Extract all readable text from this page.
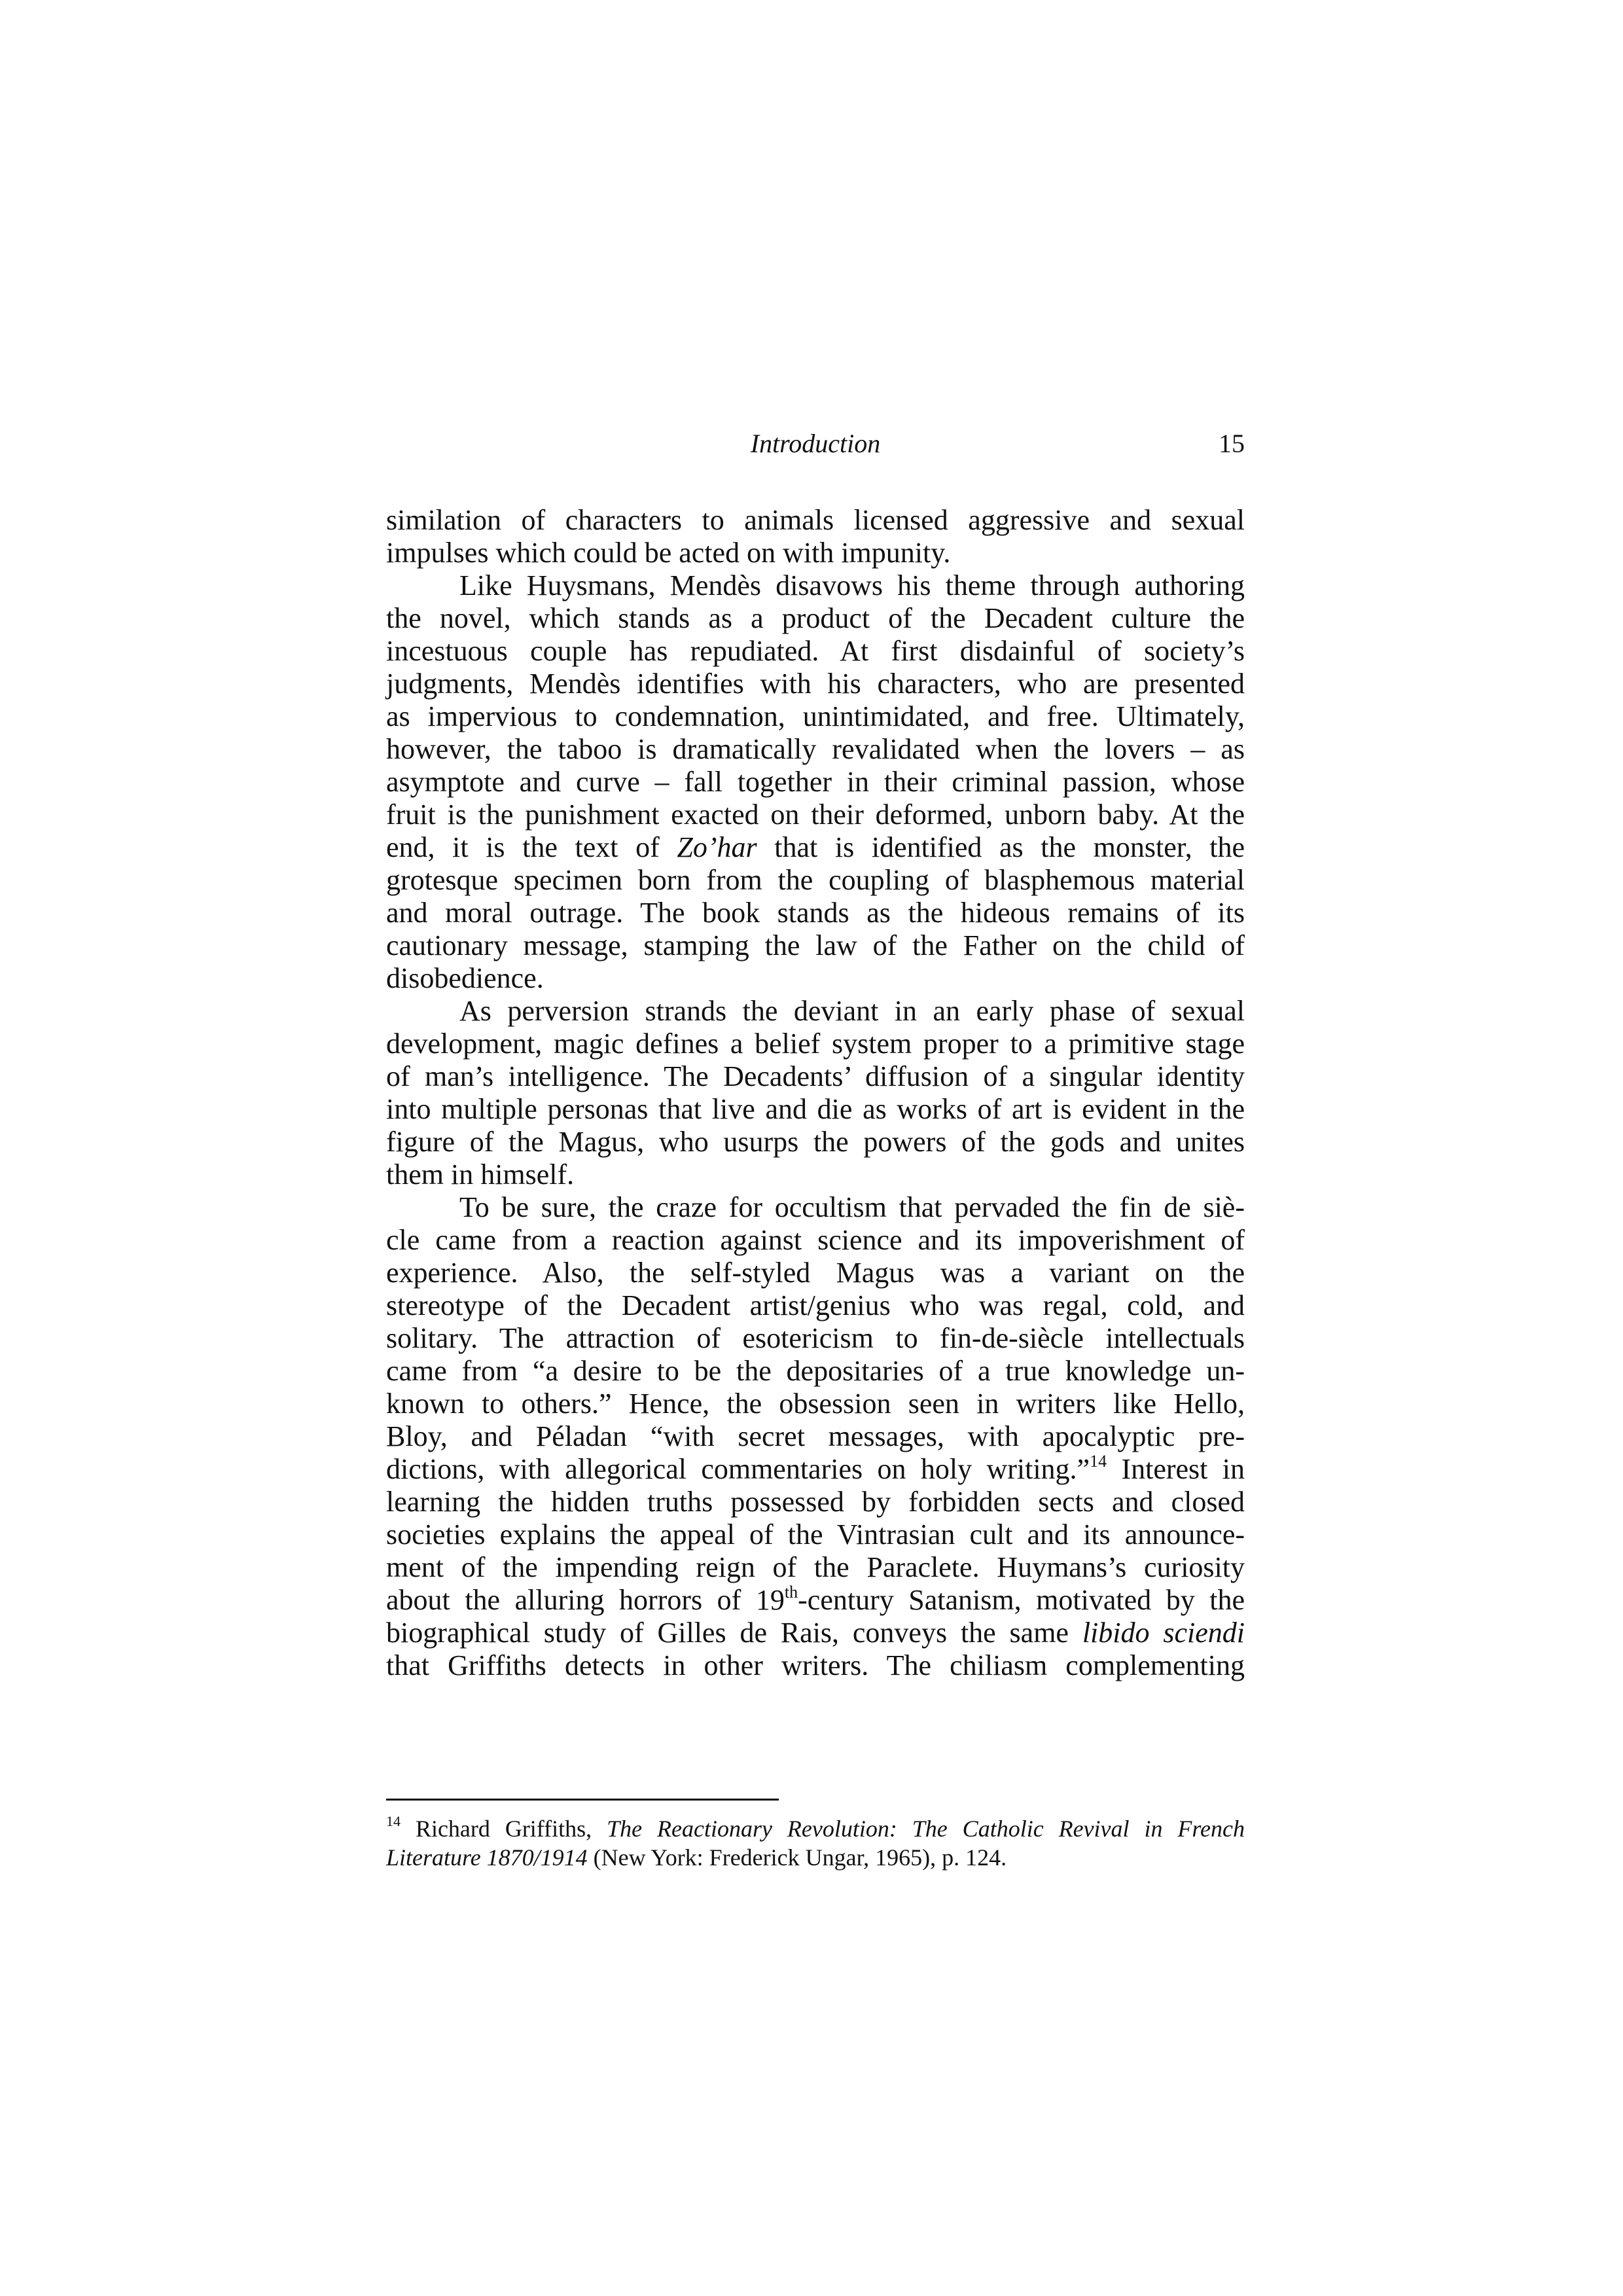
Introduction	15
similation of characters to animals licensed aggressive and sexual
impulses which could be acted on with impunity.
Like Huysmans, Mendès disavows his theme through authoring
the novel, which stands as a product of the Decadent culture the
incestuous couple has repudiated. At first disdainful of society’s
judgments, Mendès identifies with his characters, who are presented
as impervious to condemnation, unintimidated, and free. Ultimately,
however, the taboo is dramatically revalidated when the lovers – as
asymptote and curve – fall together in their criminal passion, whose
fruit is the punishment exacted on their deformed, unborn baby. At the
end, it is the text of Zo’har that is identified as the monster, the
grotesque specimen born from the coupling of blasphemous material
and moral outrage. The book stands as the hideous remains of its
cautionary message, stamping the law of the Father on the child of
disobedience.
As perversion strands the deviant in an early phase of sexual
development, magic defines a belief system proper to a primitive stage
of man’s intelligence. The Decadents’ diffusion of a singular identity
into multiple personas that live and die as works of art is evident in the
figure of the Magus, who usurps the powers of the gods and unites
them in himself.
To be sure, the craze for occultism that pervaded the fin de siè-
cle came from a reaction against science and its impoverishment of
experience. Also, the self-styled Magus was a variant on the
stereotype of the Decadent artist/genius who was regal, cold, and
solitary. The attraction of esotericism to fin-de-siècle intellectuals
came from “a desire to be the depositaries of a true knowledge un-
known to others.” Hence, the obsession seen in writers like Hello,
Bloy, and Péladan “with secret messages, with apocalyptic pre-
dictions, with allegorical commentaries on holy writing.”$^{14}$ Interest in
learning the hidden truths possessed by forbidden sects and closed
societies explains the appeal of the Vintrasian cult and its announce-
ment of the impending reign of the Paraclete. Huymans’s curiosity
about the alluring horrors of 19th-century Satanism, motivated by the
biographical study of Gilles de Rais, conveys the same libido sciendi
that Griffiths detects in other writers. The chiliasm complementing
$^{14}$ Richard Griffiths, The Reactionary Revolution: The Catholic Revival in French
Literature 1870/1914 (New York: Frederick Ungar, 1965), p. 124.
